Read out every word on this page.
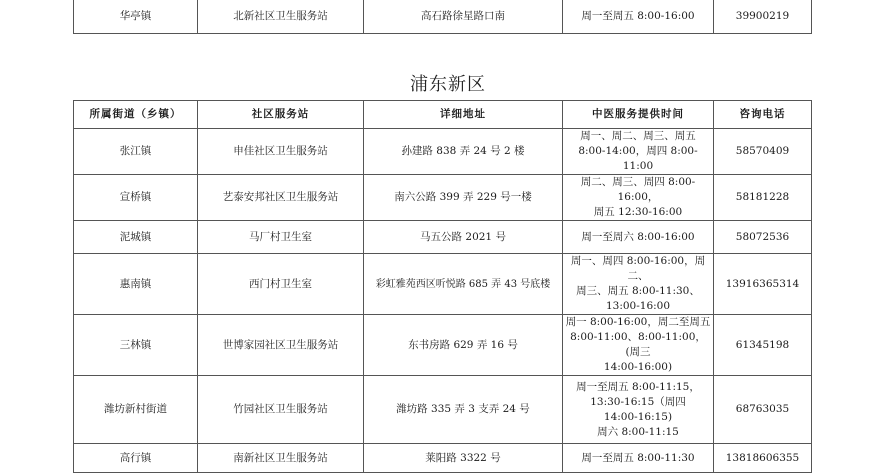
华亭镇	北新社区卫生服务站	高石路徐星路口南	周一至周五 8:00-16:00	39900219
浦东新区
所属街道（乡镇）	社区服务站	详细地址	中医服务提供时间	咨询电话
张江镇	申佳社区卫生服务站	孙建路 838 弄 24 号 2 楼	周一、周二、周三、周五
8:00-14:00，周四 8:00-11:00	58570409
宣桥镇	艺泰安邦社区卫生服务站	南六公路 399 弄 229 号一楼	周二、周三、周四 8:00-16:00，
周五 12:30-16:00	58181228
泥城镇	马厂村卫生室	马五公路 2021 号	周一至周六 8:00-16:00	58072536
惠南镇	西门村卫生室	彩虹雅苑西区听悦路 685 弄 43 号底楼	周一、周四 8:00-16:00，周二、
周三、周五 8:00-11:30、
13:00-16:00	13916365314
三林镇	世博家园社区卫生服务站	东书房路 629 弄 16 号	周一 8:00-16:00，周二至周五
8:00-11:00、8:00-11:00，(周三
14:00-16:00)	61345198
潍坊新村街道	竹园社区卫生服务站	潍坊路 335 弄 3 支弄 24 号	周一至周五 8:00-11:15，
13:30-16:15（周四
14:00-16:15)
周六 8:00-11:15	68763035
高行镇	南新社区卫生服务站	莱阳路 3322 号	周一至周五 8:00-11:30	13818606355
